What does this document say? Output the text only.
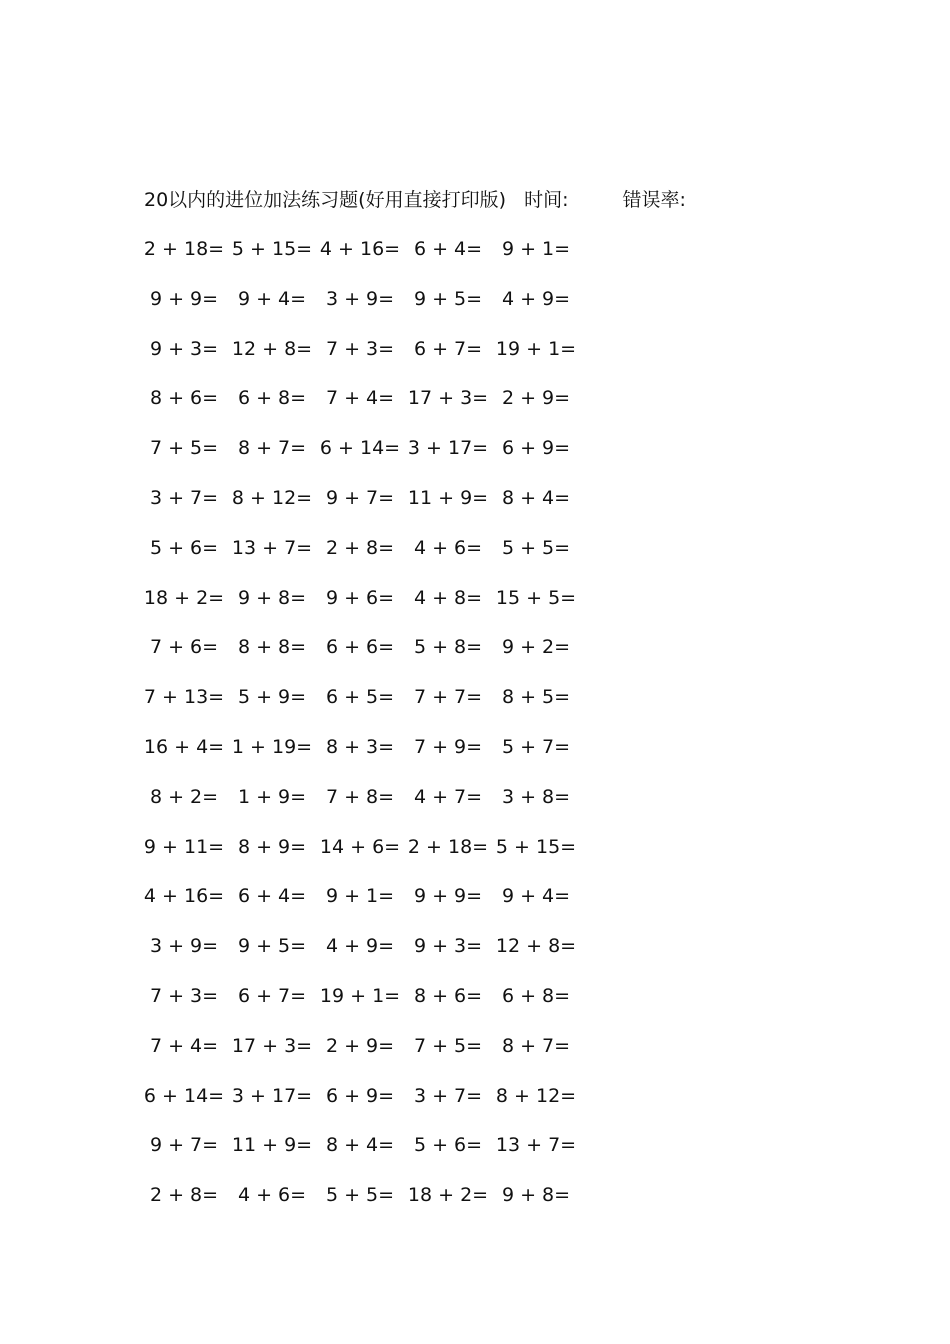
20以内的进位加法练习题(好用直接打印版) 时间:	错误率:
2 + 18= 5 + 15= 4 + 16= 6 + 4=	9 + 1=
9 + 9=	9 + 4=	3 + 9=	9 + 5=	4 + 9=
9 + 3= 12 + 8= 7 + 3=	6 + 7= 19 + 1=
8 + 6=	6 + 8=	7 + 4= 17 + 3= 2 + 9=
7 + 5=	8 + 7= 6 + 14= 3 + 17= 6 + 9=
3 + 7= 8 + 12= 9 + 7= 11 + 9= 8 + 4=
5 + 6= 13 + 7= 2 + 8=	4 + 6=	5 + 5=
18 + 2= 9 + 8=	9 + 6=	4 + 8= 15 + 5=
7 + 6=	8 + 8=	6 + 6=	5 + 8=	9 + 2=
7 + 13= 5 + 9=	6 + 5=	7 + 7=	8 + 5=
16 + 4= 1 + 19= 8 + 3=	7 + 9=	5 + 7=
8 + 2=	1 + 9=	7 + 8=	4 + 7=	3 + 8=
9 + 11= 8 + 9= 14 + 6= 2 + 18= 5 + 15=
4 + 16= 6 + 4=	9 + 1=	9 + 9=	9 + 4=
3 + 9=	9 + 5=	4 + 9=	9 + 3= 12 + 8=
7 + 3=	6 + 7= 19 + 1= 8 + 6=	6 + 8=
7 + 4= 17 + 3= 2 + 9=	7 + 5=	8 + 7=
6 + 14= 3 + 17= 6 + 9=	3 + 7= 8 + 12=
9 + 7= 11 + 9= 8 + 4=	5 + 6= 13 + 7=
2 + 8=	4 + 6=	5 + 5= 18 + 2= 9 + 8=
